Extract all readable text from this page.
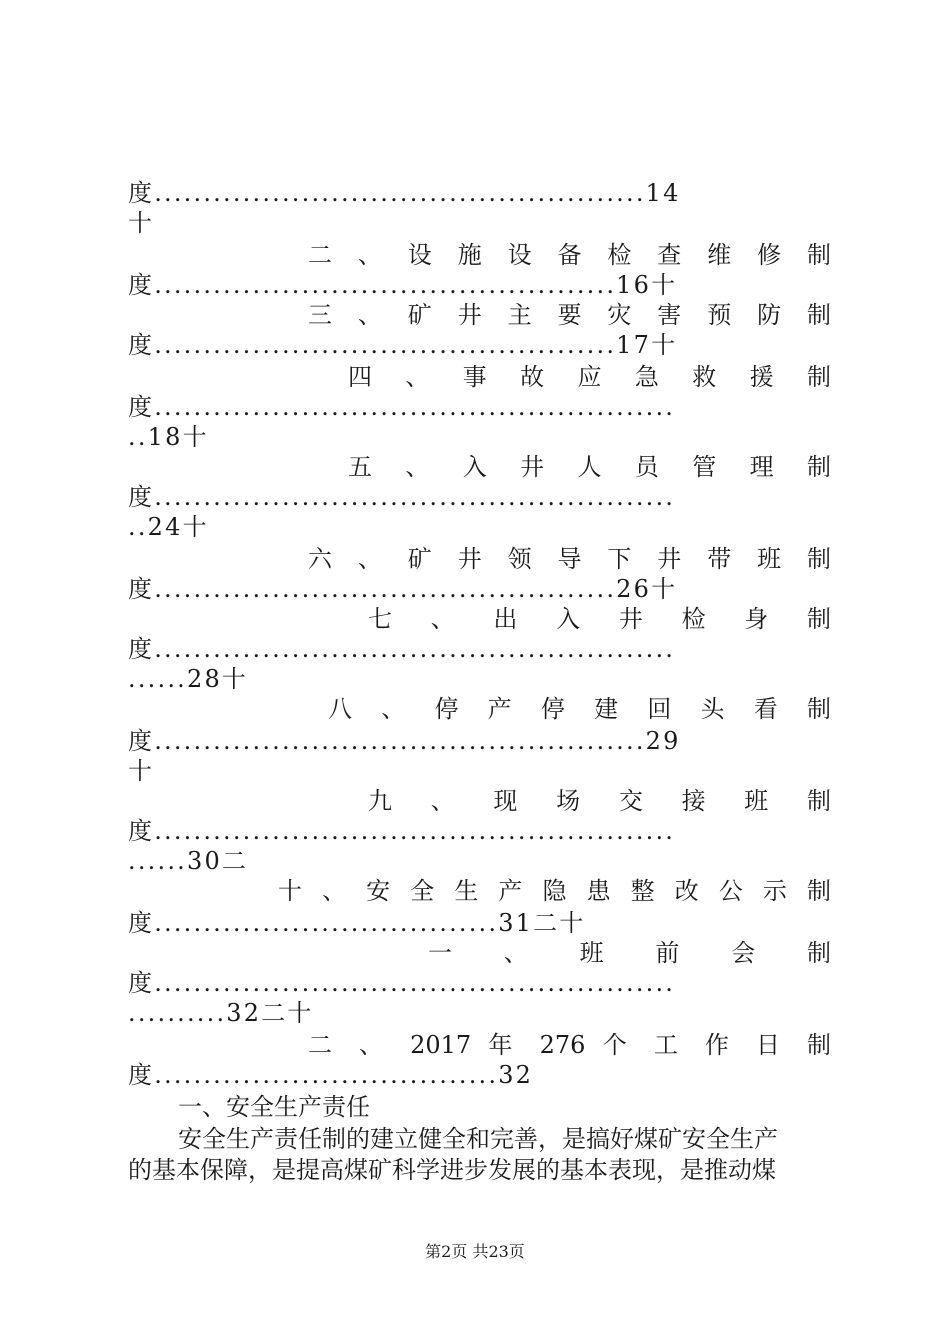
度..................................................14
十
二 、 设 施 设 备 检 查 维 修 制
度...............................................16十
三 、 矿 井 主 要 灾 害 预 防 制
度...............................................17十
四 、 事 故 应 急 救 援 制
度.....................................................
..18十
五 、 入 井 人 员 管 理 制
度.....................................................
..24十
六 、 矿 井 领 导 下 井 带 班 制
度...............................................26十
七 、 出 入 井 检 身 制
度.....................................................
......28十
八 、 停 产 停 建 回 头 看 制
度..................................................29
十
九 、 现 场 交 接 班 制
度.....................................................
......30二
十 、 安 全 生 产 隐 患 整 改 公 示 制
度...................................31二十
一 、 班 前 会 制
度.....................................................
..........32二十
二 、 2017 年 276 个 工 作 日 制
度...................................32
一、安全生产责任
安全生产责任制的建立健全和完善，是搞好煤矿安全生产
的基本保障，是提高煤矿科学进步发展的基本表现，是推动煤
第2页 共23页
